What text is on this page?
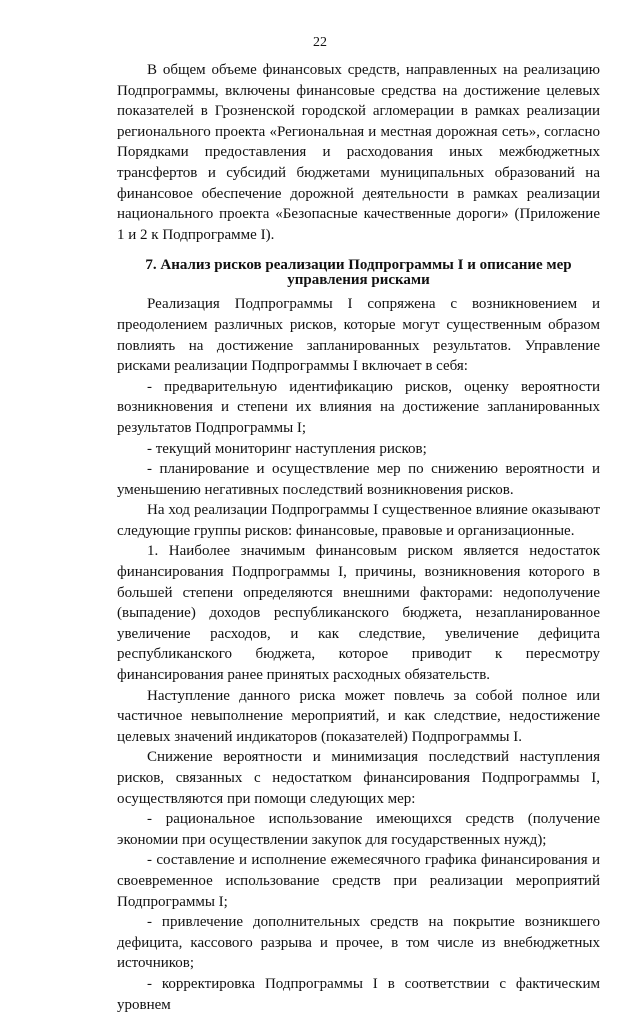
22

В общем объеме финансовых средств, направленных на реализацию Подпрограммы, включены финансовые средства на достижение целевых показателей в Грозненской городской агломерации в рамках реализации регионального проекта «Региональная и местная дорожная сеть», согласно Порядками предоставления и расходования иных межбюджетных трансфертов и субсидий бюджетами муниципальных образований на финансовое обеспечение дорожной деятельности в рамках реализации национального проекта «Безопасные качественные дороги» (Приложение 1 и 2 к Подпрограмме I).

7. Анализ рисков реализации Подпрограммы I и описание мер управления рисками

Реализация Подпрограммы I сопряжена с возникновением и преодолением различных рисков, которые могут существенным образом повлиять на достижение запланированных результатов. Управление рисками реализации Подпрограммы I включает в себя:

- предварительную идентификацию рисков, оценку вероятности возникновения и степени их влияния на достижение запланированных результатов Подпрограммы I;

- текущий мониторинг наступления рисков;

- планирование и осуществление мер по снижению вероятности и уменьшению негативных последствий возникновения рисков.

На ход реализации Подпрограммы I существенное влияние оказывают следующие группы рисков: финансовые, правовые и организационные.

1. Наиболее значимым финансовым риском является недостаток финансирования Подпрограммы I, причины, возникновения которого в большей степени определяются внешними факторами: недополучение (выпадение) доходов республиканского бюджета, незапланированное увеличение расходов, и как следствие, увеличение дефицита республиканского бюджета, которое приводит к пересмотру финансирования ранее принятых расходных обязательств.

Наступление данного риска может повлечь за собой полное или частичное невыполнение мероприятий, и как следствие, недостижение целевых значений индикаторов (показателей) Подпрограммы I.

Снижение вероятности и минимизация последствий наступления рисков, связанных с недостатком финансирования Подпрограммы I, осуществляются при помощи следующих мер:

- рациональное использование имеющихся средств (получение экономии при осуществлении закупок для государственных нужд);

- составление и исполнение ежемесячного графика финансирования и своевременное использование средств при реализации мероприятий Подпрограммы I;

- привлечение дополнительных средств на покрытие возникшего дефицита, кассового разрыва и прочее, в том числе из внебюджетных источников;

- корректировка Подпрограммы I в соответствии с фактическим уровнем
